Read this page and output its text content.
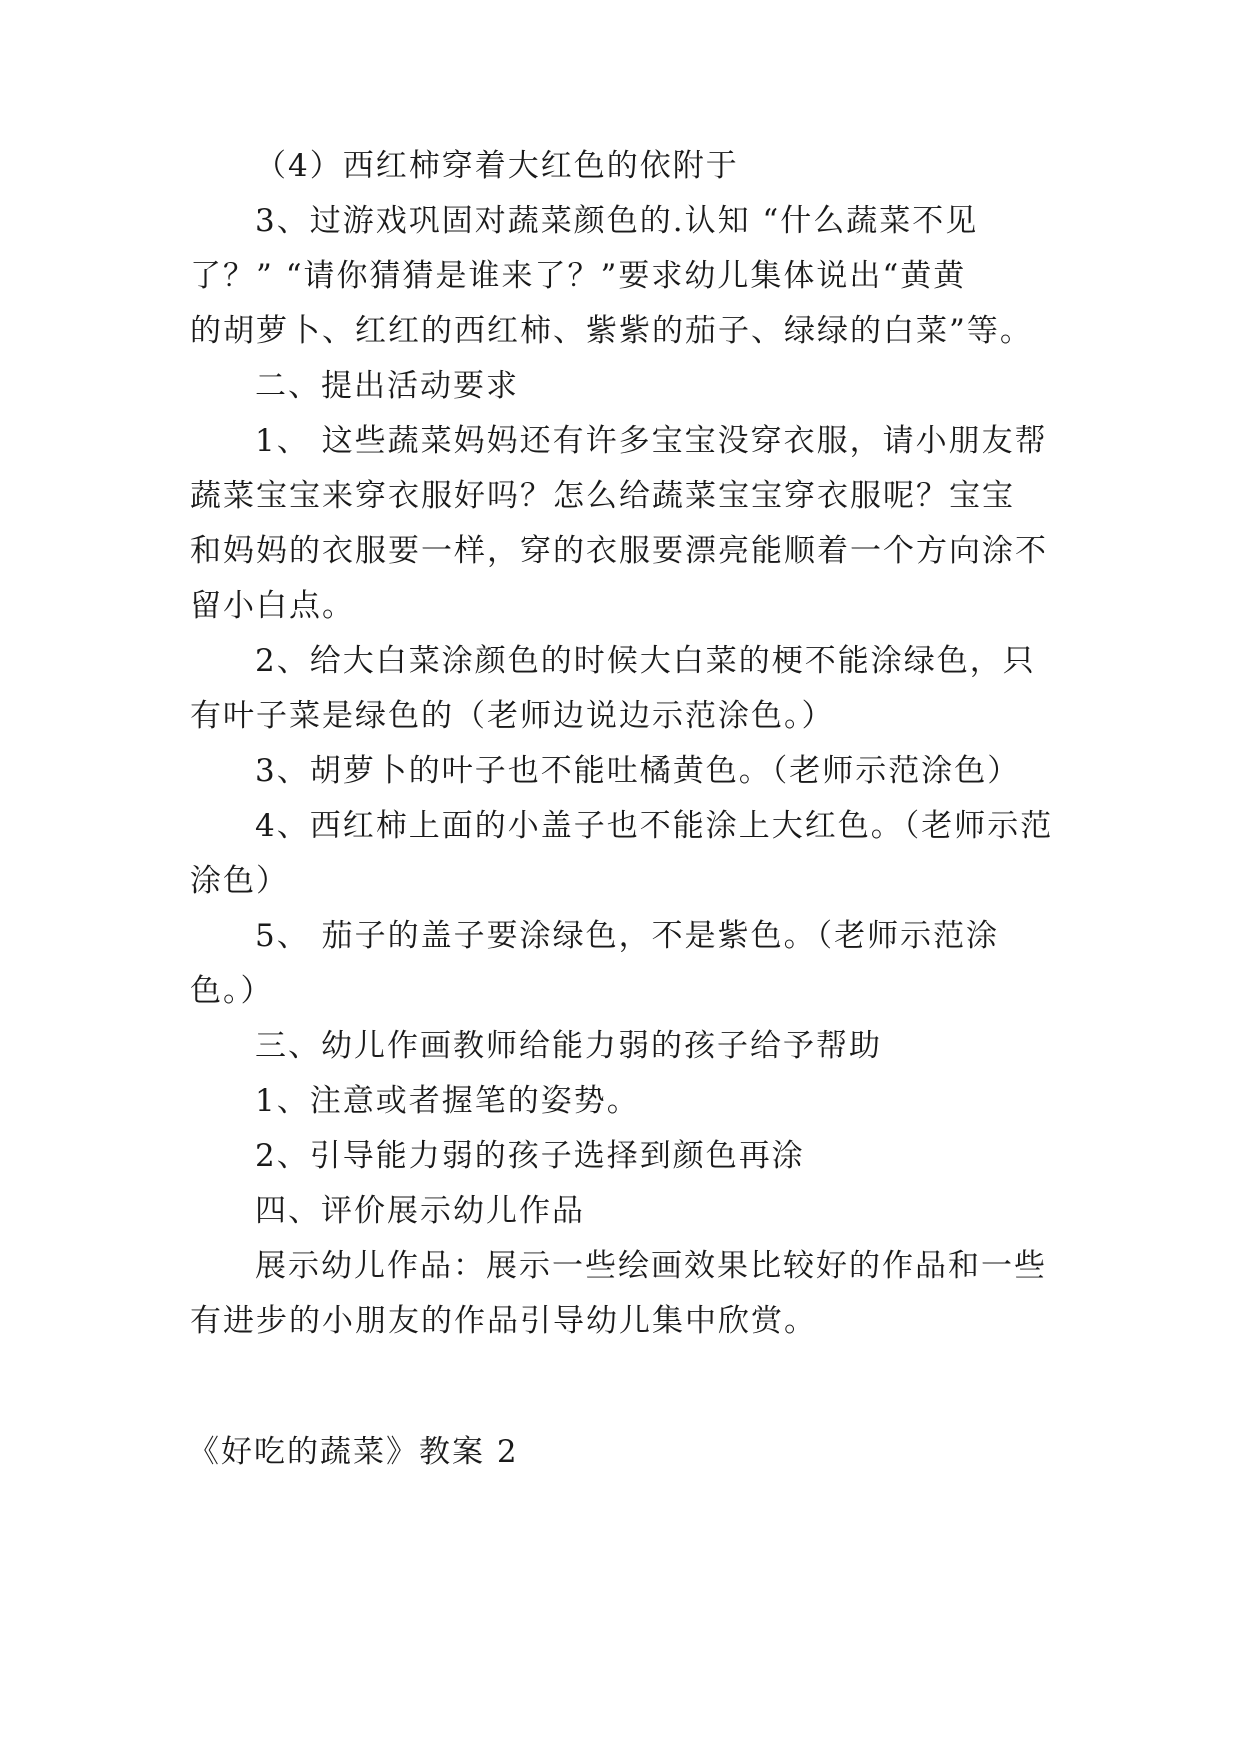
（4）西红柿穿着大红色的依附于
3、过游戏巩固对蔬菜颜色的.认知 “什么蔬菜不见
了？” “请你猜猜是谁来了？”要求幼儿集体说出“黄黄
的胡萝卜、红红的西红柿、紫紫的茄子、绿绿的白菜”等。
二、提出活动要求
1、 这些蔬菜妈妈还有许多宝宝没穿衣服，请小朋友帮
蔬菜宝宝来穿衣服好吗？怎么给蔬菜宝宝穿衣服呢？宝宝
和妈妈的衣服要一样，穿的衣服要漂亮能顺着一个方向涂不
留小白点。
2、给大白菜涂颜色的时候大白菜的梗不能涂绿色，只
有叶子菜是绿色的（老师边说边示范涂色。）
3、胡萝卜的叶子也不能吐橘黄色。（老师示范涂色）
4、西红柿上面的小盖子也不能涂上大红色。（老师示范
涂色）
5、 茄子的盖子要涂绿色，不是紫色。（老师示范涂
色。）
三、幼儿作画教师给能力弱的孩子给予帮助
1、注意或者握笔的姿势。
2、引导能力弱的孩子选择到颜色再涂
四、评价展示幼儿作品
展示幼儿作品：展示一些绘画效果比较好的作品和一些
有进步的小朋友的作品引导幼儿集中欣赏。
《好吃的蔬菜》教案 2
